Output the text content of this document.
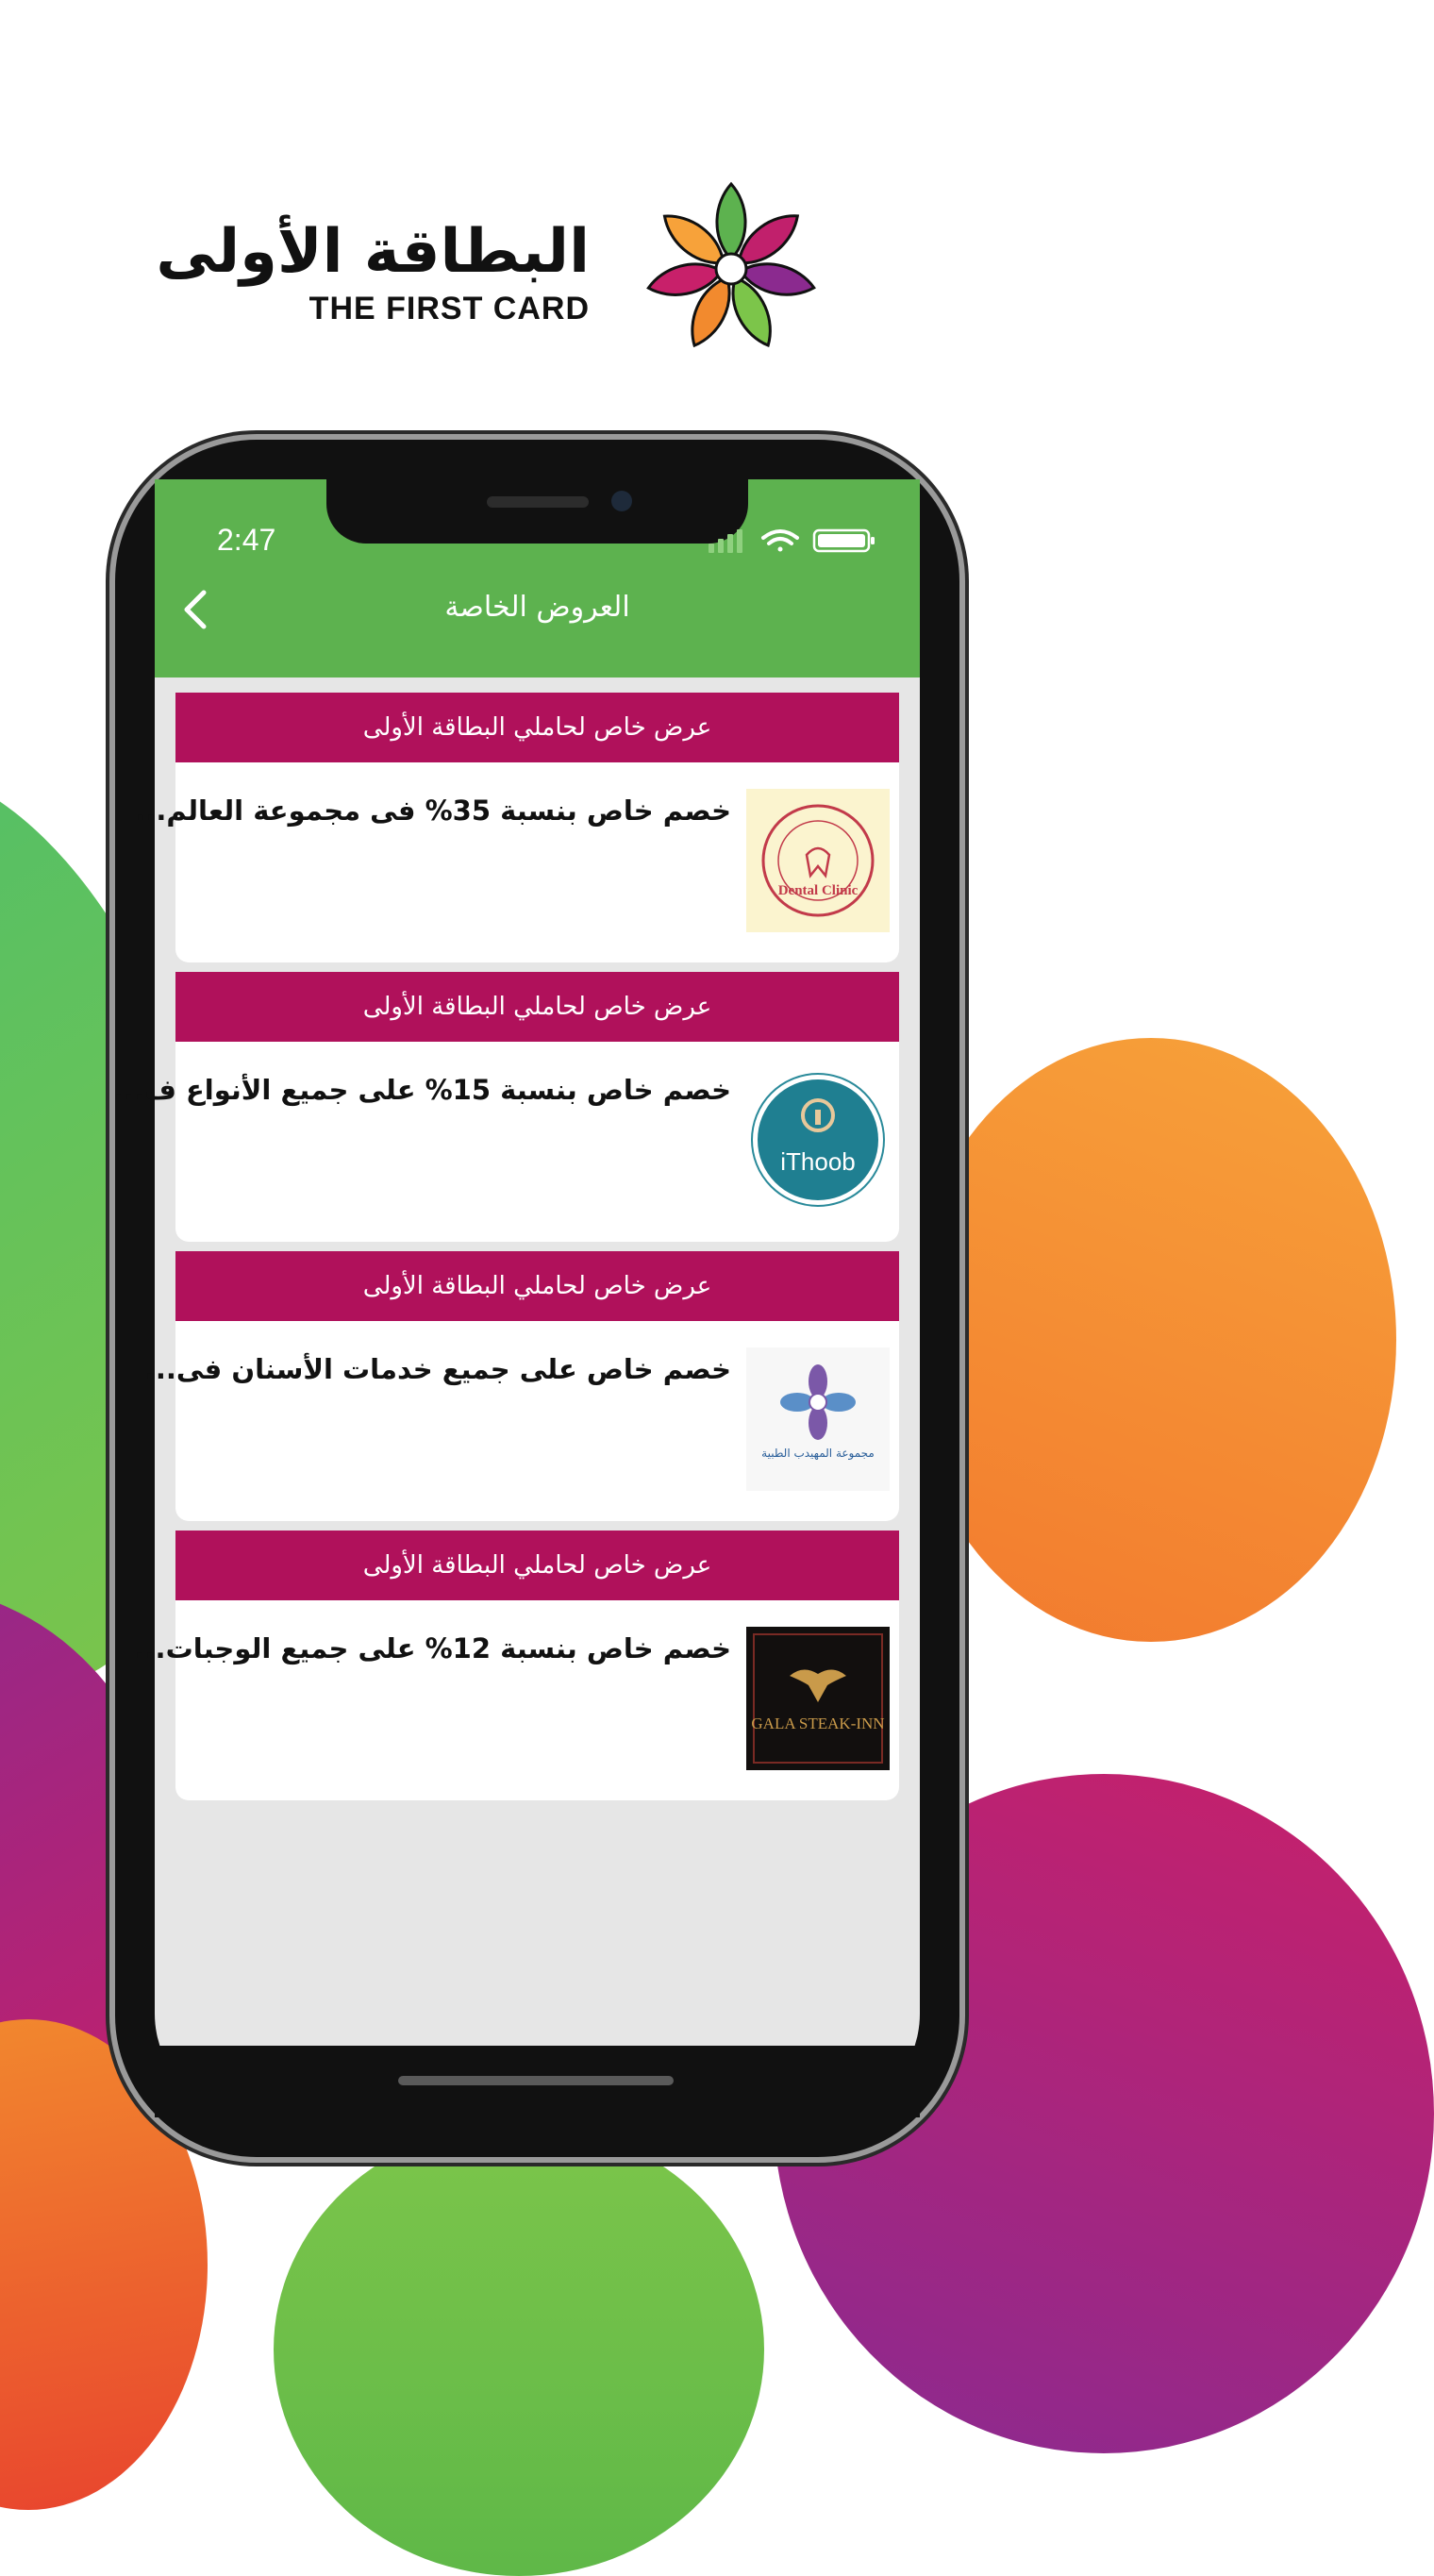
البطاقة الأولى
THE FIRST CARD
2:47
العروض الخاصة
عرض خاص لحاملي البطاقة الأولى
خصم خاص بنسبة 35% فى مجموعة العالم...
Dental Clinic
عرض خاص لحاملي البطاقة الأولى
خصم خاص بنسبة 15% على جميع الأنواع ف...
iThoob
عرض خاص لحاملي البطاقة الأولى
خصم خاص على جميع خدمات الأسنان فى...
مجموعة المهيدب الطبية
عرض خاص لحاملي البطاقة الأولى
خصم خاص بنسبة 12% على جميع الوجبات...
GALA STEAK-INN
